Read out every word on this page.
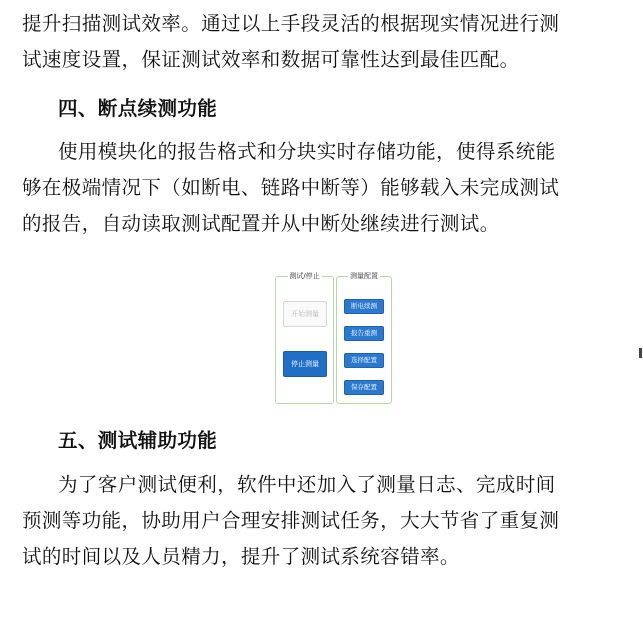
提升扫描测试效率。通过以上手段灵活的根据现实情况进行测
试速度设置，保证测试效率和数据可靠性达到最佳匹配。

四、断点续测功能

使用模块化的报告格式和分块实时存储功能，使得系统能
够在极端情况下（如断电、链路中断等）能够载入未完成测试
的报告，自动读取测试配置并从中断处继续进行测试。

测试/停止
开始测量
停止测量
测量配置
断电续测
报告重测
选择配置
保存配置
五、测试辅助功能

为了客户测试便利，软件中还加入了测量日志、完成时间
预测等功能，协助用户合理安排测试任务，大大节省了重复测
试的时间以及人员精力，提升了测试系统容错率。
